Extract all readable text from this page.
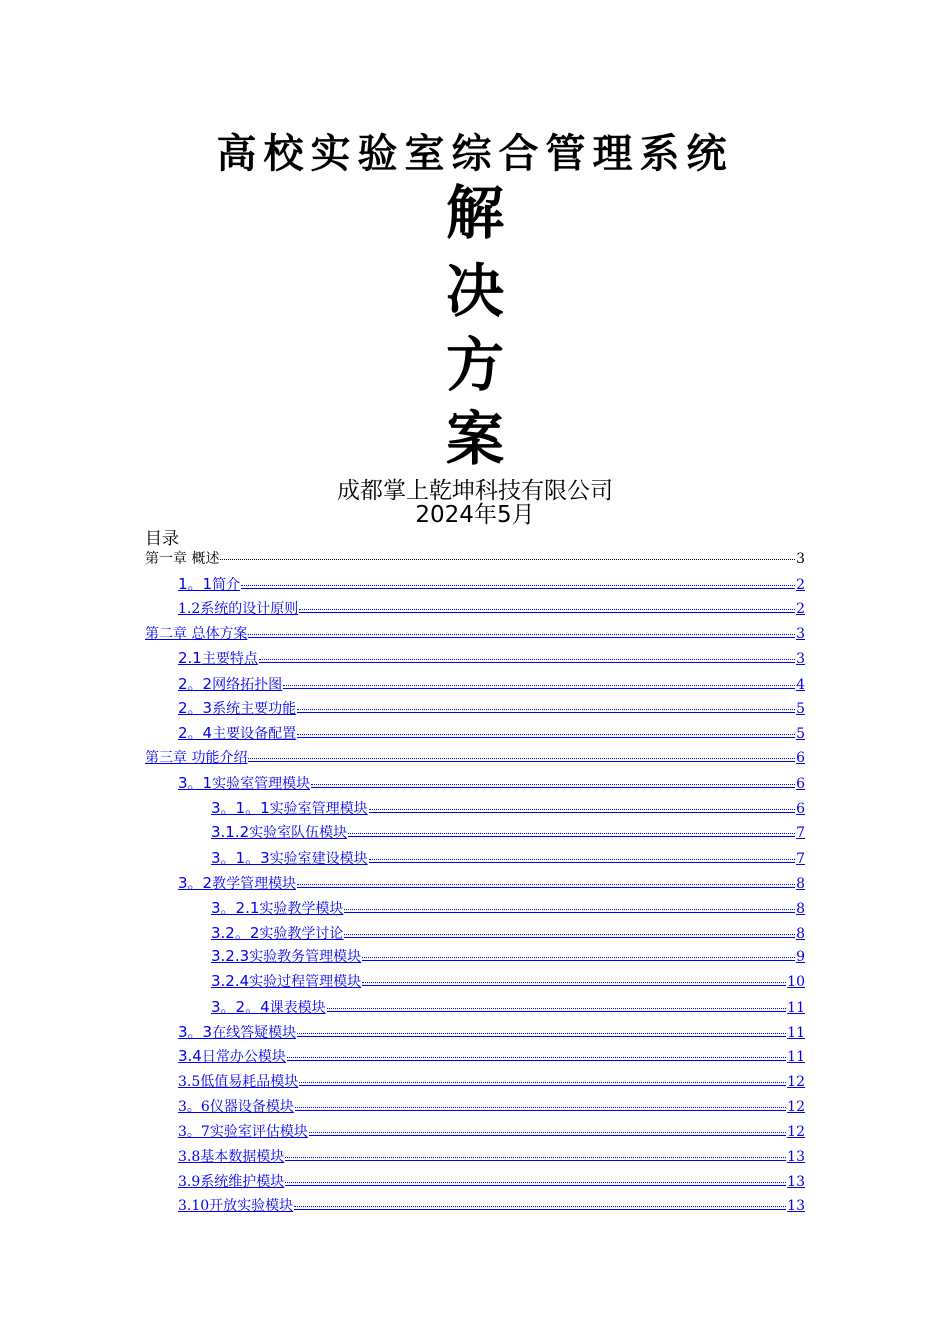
高校实验室综合管理系统
解
决
方
案
成都掌上乾坤科技有限公司
2024年5月
目录
第一章 概述	3
1。1简介	2
1.2系统的设计原则	2
第二章 总体方案	3
2.1主要特点	3
2。2网络拓扑图	4
2。3系统主要功能	5
2。4主要设备配置	5
第三章 功能介绍	6
3。1实验室管理模块	6
3。1。1实验室管理模块	6
3.1.2实验室队伍模块	7
3。1。3实验室建设模块	7
3。2教学管理模块	8
3。2.1实验教学模块	8
3.2。2实验教学讨论	8
3.2.3实验教务管理模块	9
3.2.4实验过程管理模块	10
3。2。4课表模块	11
3。3在线答疑模块	11
3.4日常办公模块	11
3.5低值易耗品模块	12
3。6仪器设备模块	12
3。7实验室评估模块	12
3.8基本数据模块	13
3.9系统维护模块	13
3.10开放实验模块	13
